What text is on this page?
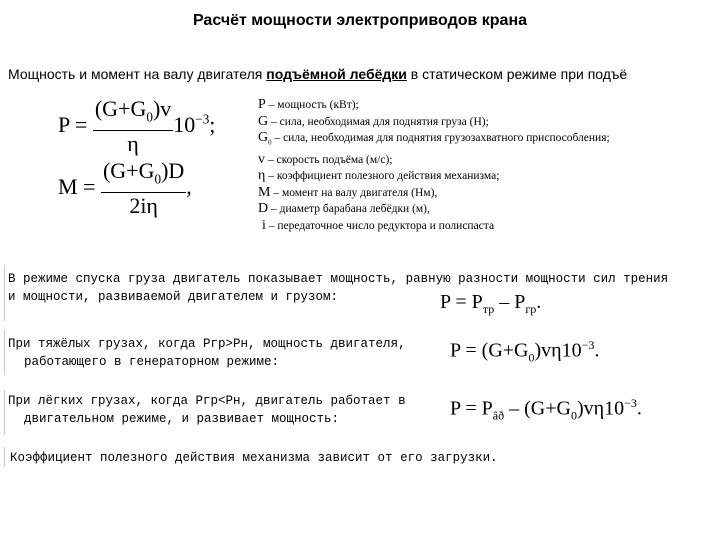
Расчёт мощности электроприводов крана
Мощность и момент на валу двигателя подъёмной лебёдки в статическом режиме при подъё
$P = \frac{(G+G_0)v}{\eta} 10^{-3}$;
$M = \frac{(G+G_0)D}{2i\eta}$ ,
P – мощность (кВт);
G – сила, необходимая для поднятия груза (Н);
$G_0$ – сила, необходимая для поднятия грузозахватного приспособления;
v – скорость подъёма (м/с);
η – коэффициент полезного действия механизма;
M – момент на валу двигателя (Нм),
D – диаметр барабана лебёдки (м),
i – передаточное число редуктора и полиспаста
В режиме спуска груза двигатель показывает мощность, равную разности мощности сил трения
и мощности, развиваемой двигателем и грузом:	$P = P_{тр} - P_{гр}$.
При тяжёлых грузах, когда Pгр>Pн, мощность двигателя,
работающего в генераторном режиме:
$P = (G+G_0)v\eta 10^{-3}$.
При лёгких грузах, когда Pгр<Pн, двигатель работает в
двигательном режиме, и развивает мощность:	$P = P_{âð} - (G+G_0)v\eta 10^{-3}$.
Коэффициент полезного действия механизма зависит от его загрузки.
